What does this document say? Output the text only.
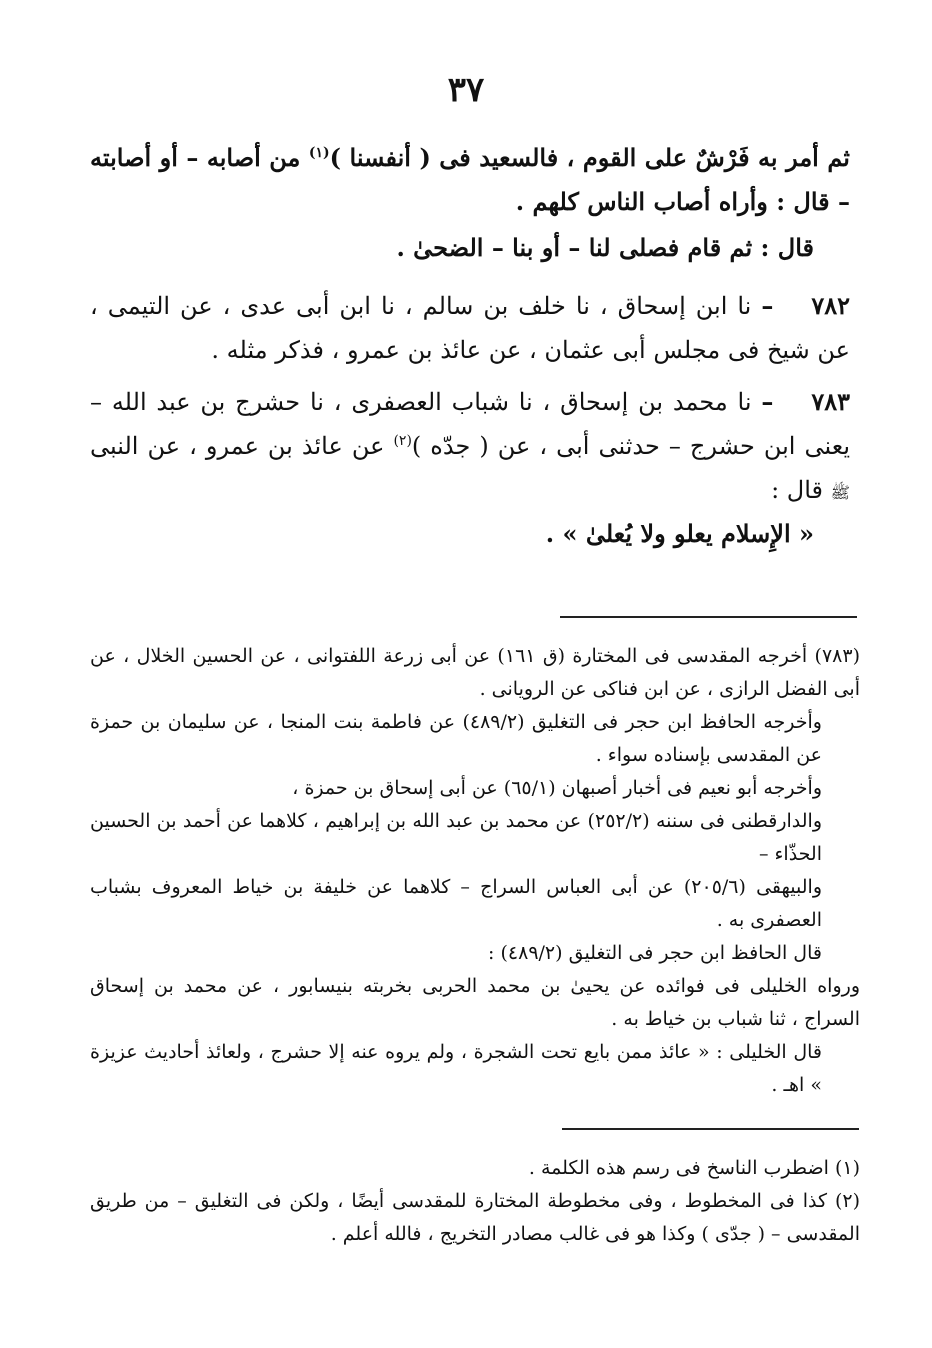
٣٧

ثم أمر به فَرْشٌ على القوم ، فالسعيد فى ( أنفسنا )$^{(١)}$ من أصابه – أو أصابته – قال : وأراه أصاب الناس كلهم .

قال : ثم قام فصلى لنا – أو بنا – الضحىٰ .

٧٨٢– نا ابن إسحاق ، نا خلف بن سالم ، نا ابن أبى عدى ، عن التيمى ، عن شيخ فى مجلس أبى عثمان ، عن عائذ بن عمرو ، فذكر مثله .

٧٨٣– نا محمد بن إسحاق ، نا شباب العصفرى ، نا حشرج بن عبد الله – يعنى ابن حشرج – حدثنى أبى ، عن ( جدّه )$^{(٢)}$ عن عائذ بن عمرو ، عن النبى ﷺ قال :

« الإِسلام يعلو ولا يُعلىٰ » .

(٧٨٣) أخرجه المقدسى فى المختارة (ق ١٦١) عن أبى زرعة اللفتوانى ، عن الحسين الخلال ، عن أبى الفضل الرازى ، عن ابن فناكى عن الرويانى .
وأخرجه الحافظ ابن حجر فى التغليق (٤٨٩/٢) عن فاطمة بنت المنجا ، عن سليمان بن حمزة عن المقدسى بإسناده سواء .
وأخرجه أبو نعيم فى أخبار أصبهان (٦٥/١) عن أبى إسحاق بن حمزة ،
والدارقطنى فى سننه (٢٥٢/٢) عن محمد بن عبد الله بن إبراهيم ، كلاهما عن أحمد بن الحسين الحذّاء –
والبيهقى (٢٠٥/٦) عن أبى العباس السراج – كلاهما عن خليفة بن خياط المعروف بشباب العصفرى به .
قال الحافظ ابن حجر فى التغليق (٤٨٩/٢) :
ورواه الخليلى فى فوائده عن يحيىٰ بن محمد الحربى بخربته بنيسابور ، عن محمد بن إسحاق السراج ، ثنا شباب بن خياط به .
قال الخليلى : « عائذ ممن بايع تحت الشجرة ، ولم يروه عنه إلا حشرج ، ولعائذ أحاديث عزيزة » اهـ .
(١) اضطرب الناسخ فى رسم هذه الكلمة .
(٢) كذا فى المخطوط ، وفى مخطوطة المختارة للمقدسى أيضًا ، ولكن فى التغليق – من طريق المقدسى – ( جدّى ) وكذا هو فى غالب مصادر التخريج ، فالله أعلم .
